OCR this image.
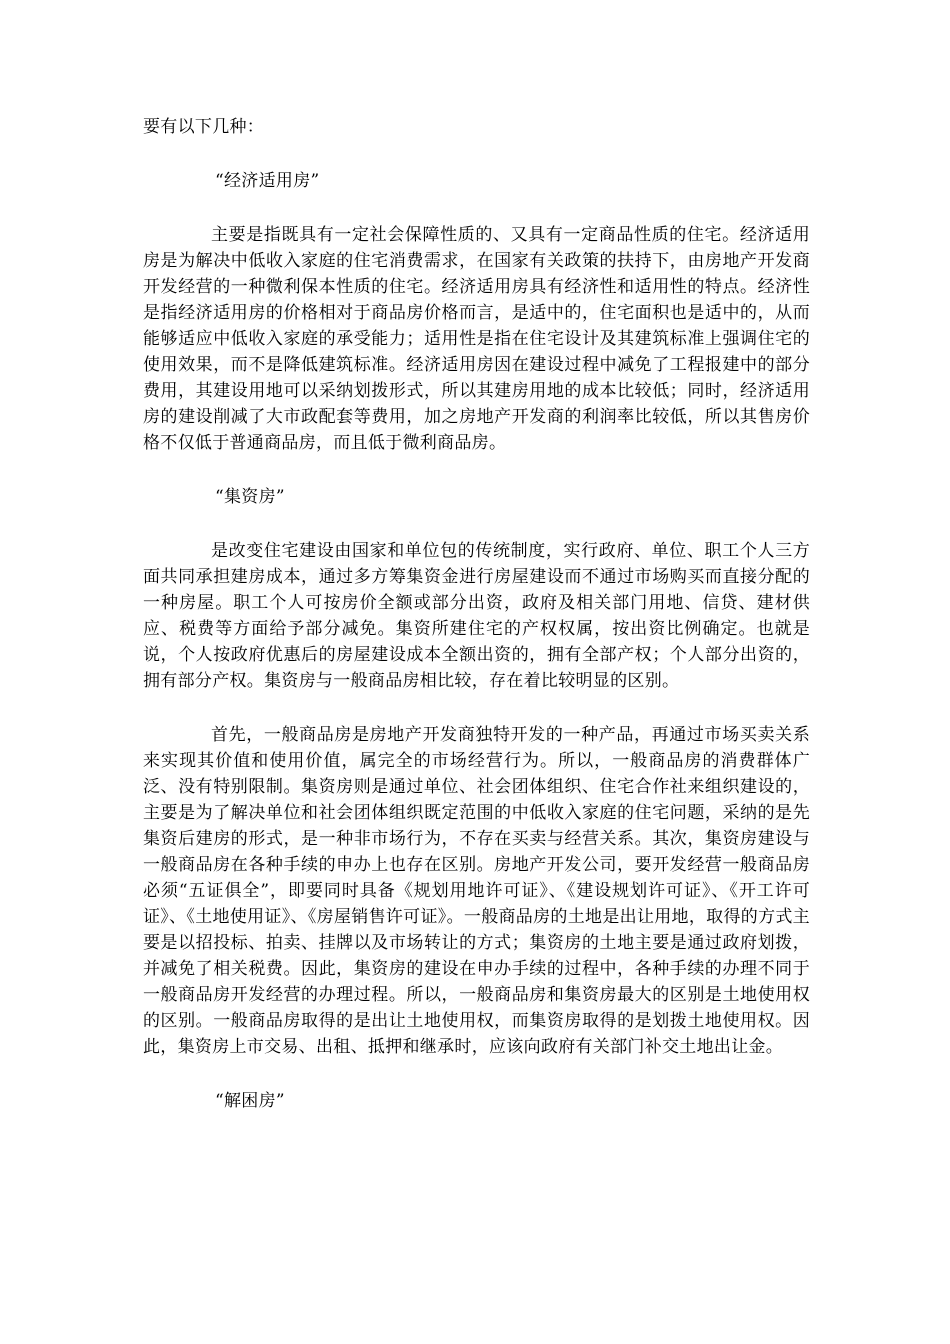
要有以下几种：

“经济适用房”

主要是指既具有一定社会保障性质的、又具有一定商品性质的住宅。经济适用房是为解决中低收入家庭的住宅消费需求，在国家有关政策的扶持下，由房地产开发商开发经营的一种微利保本性质的住宅。经济适用房具有经济性和适用性的特点。经济性是指经济适用房的价格相对于商品房价格而言，是适中的，住宅面积也是适中的，从而能够适应中低收入家庭的承受能力；适用性是指在住宅设计及其建筑标准上强调住宅的使用效果，而不是降低建筑标准。经济适用房因在建设过程中减免了工程报建中的部分费用，其建设用地可以采纳划拨形式，所以其建房用地的成本比较低；同时，经济适用房的建设削减了大市政配套等费用，加之房地产开发商的利润率比较低，所以其售房价格不仅低于普通商品房，而且低于微利商品房。

“集资房”

是改变住宅建设由国家和单位包的传统制度，实行政府、单位、职工个人三方面共同承担建房成本，通过多方筹集资金进行房屋建设而不通过市场购买而直接分配的一种房屋。职工个人可按房价全额或部分出资，政府及相关部门用地、信贷、建材供应、税费等方面给予部分减免。集资所建住宅的产权权属，按出资比例确定。也就是说，个人按政府优惠后的房屋建设成本全额出资的，拥有全部产权；个人部分出资的，拥有部分产权。集资房与一般商品房相比较，存在着比较明显的区别。

首先，一般商品房是房地产开发商独特开发的一种产品，再通过市场买卖关系来实现其价值和使用价值，属完全的市场经营行为。所以，一般商品房的消费群体广泛、没有特别限制。集资房则是通过单位、社会团体组织、住宅合作社来组织建设的，主要是为了解决单位和社会团体组织既定范围的中低收入家庭的住宅问题，采纳的是先集资后建房的形式，是一种非市场行为，不存在买卖与经营关系。其次，集资房建设与一般商品房在各种手续的申办上也存在区别。房地产开发公司，要开发经营一般商品房必须“五证俱全”，即要同时具备《规划用地许可证》、《建设规划许可证》、《开工许可证》、《土地使用证》、《房屋销售许可证》。一般商品房的土地是出让用地，取得的方式主要是以招投标、拍卖、挂牌以及市场转让的方式；集资房的土地主要是通过政府划拨，并减免了相关税费。因此，集资房的建设在申办手续的过程中，各种手续的办理不同于一般商品房开发经营的办理过程。所以，一般商品房和集资房最大的区别是土地使用权的区别。一般商品房取得的是出让土地使用权，而集资房取得的是划拨土地使用权。因此，集资房上市交易、出租、抵押和继承时，应该向政府有关部门补交土地出让金。

“解困房”
